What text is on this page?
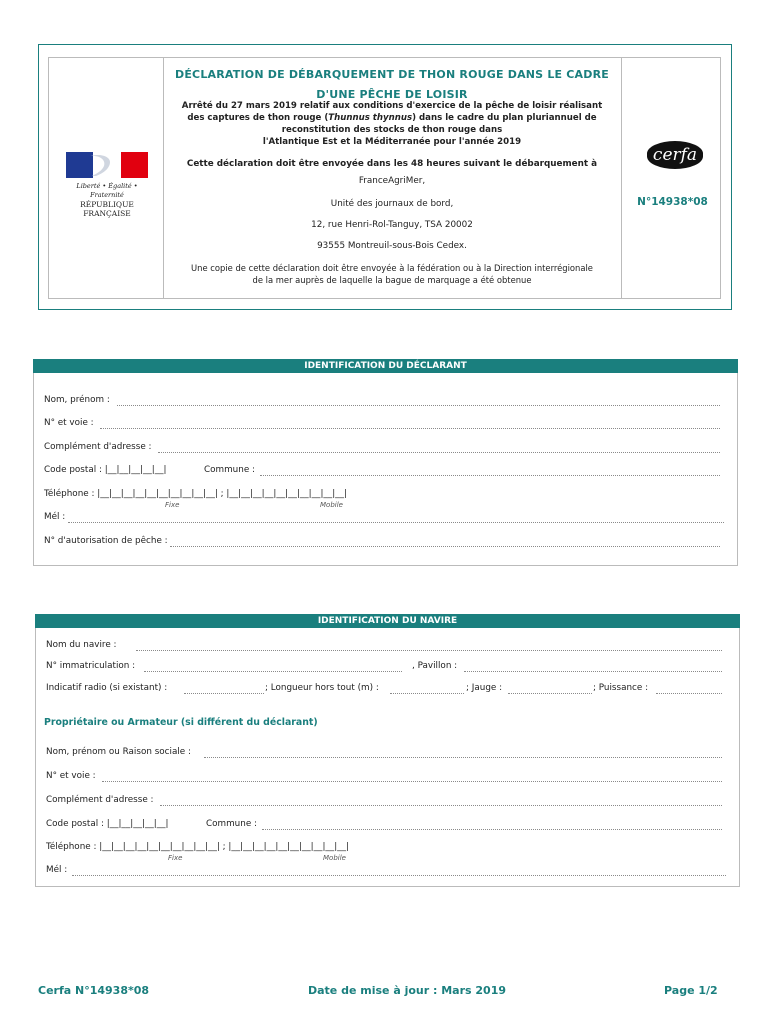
Liberté • Égalité • Fraternité
RÉPUBLIQUE FRANÇAISE
DÉCLARATION DE DÉBARQUEMENT DE THON ROUGE DANS LE CADRE
D'UNE PÊCHE DE LOISIR
Arrêté du 27 mars 2019 relatif aux conditions d'exercice de la pêche de loisir réalisant
des captures de thon rouge (Thunnus thynnus) dans le cadre du plan pluriannuel de
reconstitution des stocks de thon rouge dans
l'Atlantique Est et la Méditerranée pour l'année 2019
Cette déclaration doit être envoyée dans les 48 heures suivant le débarquement à
FranceAgriMer,
Unité des journaux de bord,
12, rue Henri-Rol-Tanguy, TSA 20002
93555 Montreuil-sous-Bois Cedex.
Une copie de cette déclaration doit être envoyée à la fédération ou à la Direction interrégionale
de la mer auprès de laquelle la bague de marquage a été obtenue
cerfa
N°14938*08
IDENTIFICATION DU DÉCLARANT
Nom, prénom :
N° et voie :
Complément d'adresse :
Code postal : |__|__|__|__|__|	Commune :
Téléphone : |__|__|__|__|__|__|__|__|__|__| ; |__|__|__|__|__|__|__|__|__|__|
Fixe	Mobile
Mél :
N° d'autorisation de pêche :
IDENTIFICATION DU NAVIRE
Nom du navire :
N° immatriculation :	, Pavillon :
Indicatif radio (si existant) :	; Longueur hors tout (m) :	; Jauge :	; Puissance :
Propriétaire ou Armateur (si différent du déclarant)
Nom, prénom ou Raison sociale :
N° et voie :
Complément d'adresse :
Code postal : |__|__|__|__|__|	Commune :
Téléphone : |__|__|__|__|__|__|__|__|__|__| ; |__|__|__|__|__|__|__|__|__|__|
Fixe	Mobile
Mél :
Cerfa N°14938*08	Date de mise à jour : Mars 2019	Page 1/2
